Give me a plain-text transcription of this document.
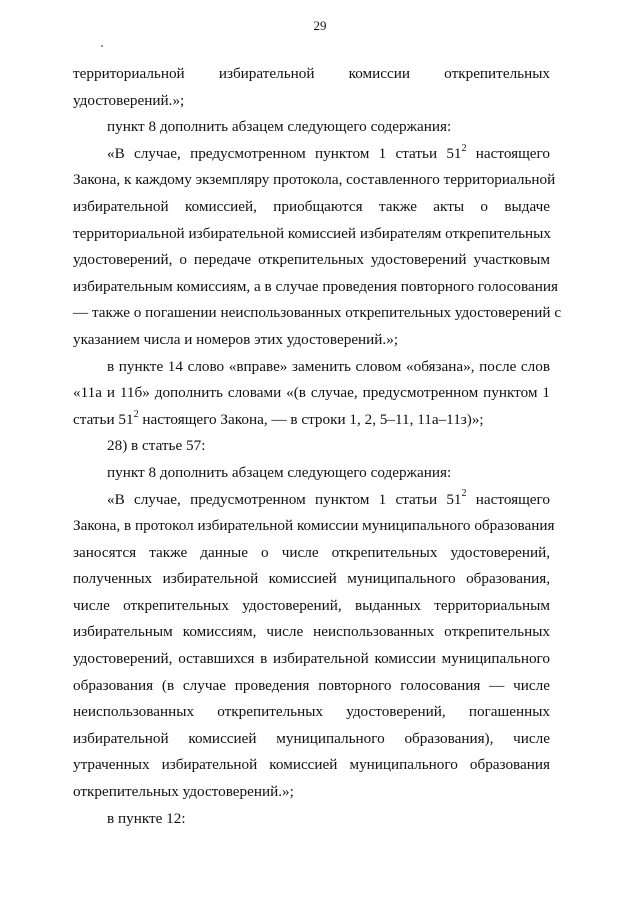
29
территориальной избирательной комиссии открепительных
удостоверений.»;
пункт 8 дополнить абзацем следующего содержания:
«В случае, предусмотренном пунктом 1 статьи $51^2$ настоящего
Закона, к каждому экземпляру протокола, составленного территориальной
избирательной комиссией, приобщаются также акты о выдаче
территориальной избирательной комиссией избирателям открепительных
удостоверений, о передаче открепительных удостоверений участковым
избирательным комиссиям, а в случае проведения повторного голосования
— также о погашении неиспользованных открепительных удостоверений с
указанием числа и номеров этих удостоверений.»;
в пункте 14 слово «вправе» заменить словом «обязана», после слов
«11а и 11б» дополнить словами «(в случае, предусмотренном пунктом 1
статьи $51^2$ настоящего Закона, — в строки 1, 2, 5–11, 11а–11з)»;
28) в статье 57:
пункт 8 дополнить абзацем следующего содержания:
«В случае, предусмотренном пунктом 1 статьи $51^2$ настоящего
Закона, в протокол избирательной комиссии муниципального образования
заносятся также данные о числе открепительных удостоверений,
полученных избирательной комиссией муниципального образования,
числе открепительных удостоверений, выданных территориальным
избирательным комиссиям, числе неиспользованных открепительных
удостоверений, оставшихся в избирательной комиссии муниципального
образования (в случае проведения повторного голосования — числе
неиспользованных открепительных удостоверений, погашенных
избирательной комиссией муниципального образования), числе
утраченных избирательной комиссией муниципального образования
открепительных удостоверений.»;
в пункте 12:
